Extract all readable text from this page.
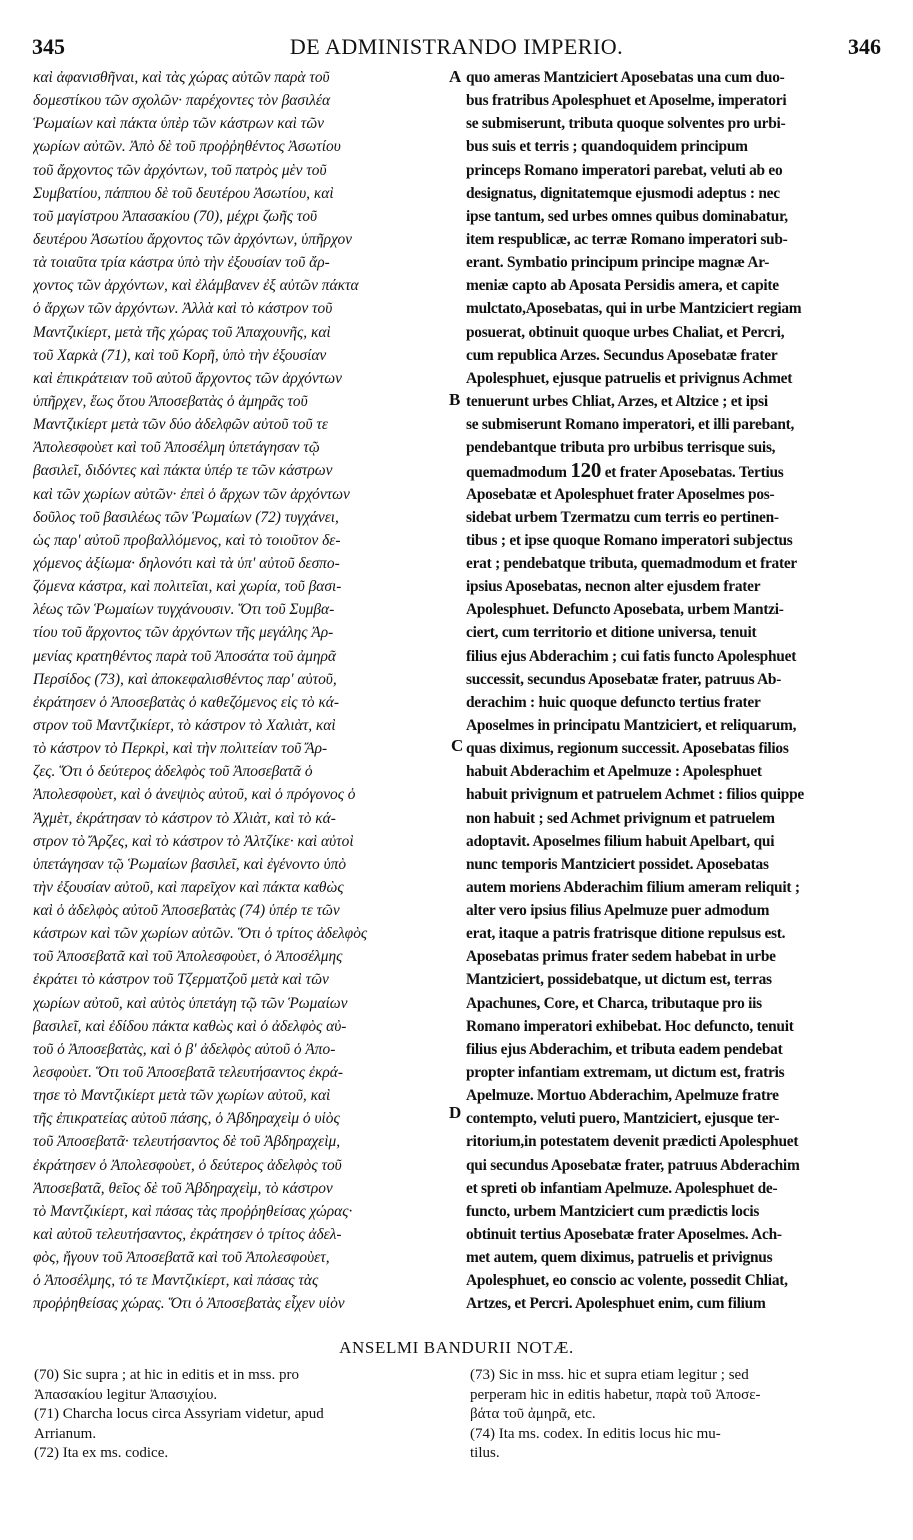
345	DE ADMINISTRANDO IMPERIO.	346
καὶ ἀφανισθῆναι, καὶ τὰς χώρας αὐτῶν παρὰ τοῦ
δομεστίκου τῶν σχολῶν· παρέχοντες τὸν βασιλέα
Ῥωμαίων καὶ πάκτα ὑπὲρ τῶν κάστρων καὶ τῶν
χωρίων αὐτῶν. Ἀπὸ δὲ τοῦ προῤῥηθέντος Ἀσωτίου
τοῦ ἄρχοντος τῶν ἀρχόντων, τοῦ πατρὸς μὲν τοῦ
Συμβατίου, πάππου δὲ τοῦ δευτέρου Ἀσωτίου, καὶ
τοῦ μαγίστρου Ἀπασακίου (70), μέχρι ζωῆς τοῦ
δευτέρου Ἀσωτίου ἄρχοντος τῶν ἀρχόντων, ὑπῆρχον
τὰ τοιαῦτα τρία κάστρα ὑπὸ τὴν ἐξουσίαν τοῦ ἄρ-
χοντος τῶν ἀρχόντων, καὶ ἐλάμβανεν ἐξ αὐτῶν πάκτα
ὁ ἄρχων τῶν ἀρχόντων. Ἀλλὰ καὶ τὸ κάστρον τοῦ
Μαντζικίερτ, μετὰ τῆς χώρας τοῦ Ἀπαχουνῆς, καὶ
τοῦ Χαρκὰ (71), καὶ τοῦ Κορῆ, ὑπὸ τὴν ἐξουσίαν
καὶ ἐπικράτειαν τοῦ αὐτοῦ ἄρχοντος τῶν ἀρχόντων
ὑπῆρχεν, ἕως ὅτου Ἀποσεβατὰς ὁ ἀμηρᾶς τοῦ
Μαντζικίερτ μετὰ τῶν δύο ἀδελφῶν αὐτοῦ τοῦ τε
Ἀπολεσφοὺετ καὶ τοῦ Ἀποσέλμη ὑπετάγησαν τῷ
βασιλεῖ, διδόντες καὶ πάκτα ὑπέρ τε τῶν κάστρων
καὶ τῶν χωρίων αὐτῶν· ἐπεὶ ὁ ἄρχων τῶν ἀρχόντων
δοῦλος τοῦ βασιλέως τῶν Ῥωμαίων (72) τυγχάνει,
ὡς παρ' αὐτοῦ προβαλλόμενος, καὶ τὸ τοιοῦτον δε-
χόμενος ἀξίωμα· δηλονότι καὶ τὰ ὑπ' αὐτοῦ δεσπο-
ζόμενα κάστρα, καὶ πολιτεῖαι, καὶ χωρία, τοῦ βασι-
λέως τῶν Ῥωμαίων τυγχάνουσιν. Ὅτι τοῦ Συμβα-
τίου τοῦ ἄρχοντος τῶν ἀρχόντων τῆς μεγάλης Ἀρ-
μενίας κρατηθέντος παρὰ τοῦ Ἀποσάτα τοῦ ἀμηρᾶ
Περσίδος (73), καὶ ἀποκεφαλισθέντος παρ' αὐτοῦ,
ἐκράτησεν ὁ Ἀποσεβατὰς ὁ καθεζόμενος εἰς τὸ κά-
στρον τοῦ Μαντζικίερτ, τὸ κάστρον τὸ Χαλιὰτ, καὶ
τὸ κάστρον τὸ Περκρὶ, καὶ τὴν πολιτείαν τοῦ Ἄρ-
ζες. Ὅτι ὁ δεύτερος ἀδελφὸς τοῦ Ἀποσεβατᾶ ὁ
Ἀπολεσφοὺετ, καὶ ὁ ἀνεψιὸς αὐτοῦ, καὶ ὁ πρόγονος ὁ
Ἀχμὲτ, ἐκράτησαν τὸ κάστρον τὸ Χλιὰτ, καὶ τὸ κά-
στρον τὸ Ἄρζες, καὶ τὸ κάστρον τὸ Ἀλτζίκε· καὶ αὐτοὶ
ὑπετάγησαν τῷ Ῥωμαίων βασιλεῖ, καὶ ἐγένοντο ὑπὸ
τὴν ἐξουσίαν αὐτοῦ, καὶ παρεῖχον καὶ πάκτα καθὼς
καὶ ὁ ἀδελφὸς αὐτοῦ Ἀποσεβατὰς (74) ὑπέρ τε τῶν
κάστρων καὶ τῶν χωρίων αὐτῶν. Ὅτι ὁ τρίτος ἀδελφὸς
τοῦ Ἀποσεβατᾶ καὶ τοῦ Ἀπολεσφοὺετ, ὁ Ἀποσέλμης
ἐκράτει τὸ κάστρον τοῦ Τζερματζοῦ μετὰ καὶ τῶν
χωρίων αὐτοῦ, καὶ αὐτὸς ὑπετάγη τῷ τῶν Ῥωμαίων
βασιλεῖ, καὶ ἐδίδου πάκτα καθὼς καὶ ὁ ἀδελφὸς αὐ-
τοῦ ὁ Ἀποσεβατὰς, καὶ ὁ β' ἀδελφὸς αὐτοῦ ὁ Ἀπο-
λεσφοὺετ. Ὅτι τοῦ Ἀποσεβατᾶ τελευτήσαντος ἐκρά-
τησε τὸ Μαντζικίερτ μετὰ τῶν χωρίων αὐτοῦ, καὶ
τῆς ἐπικρατείας αὐτοῦ πάσης, ὁ Ἀβδηραχεὶμ ὁ υἱὸς
τοῦ Ἀποσεβατᾶ· τελευτήσαντος δὲ τοῦ Ἀβδηραχεὶμ,
ἐκράτησεν ὁ Ἀπολεσφοὺετ, ὁ δεύτερος ἀδελφὸς τοῦ
Ἀποσεβατᾶ, θεῖος δὲ τοῦ Ἀβδηραχεὶμ, τὸ κάστρον
τὸ Μαντζικίερτ, καὶ πάσας τὰς προῤῥηθείσας χώρας·
καὶ αὐτοῦ τελευτήσαντος, ἐκράτησεν ὁ τρίτος ἀδελ-
φὸς, ἤγουν τοῦ Ἀποσεβατᾶ καὶ τοῦ Ἀπολεσφοὺετ,
ὁ Ἀποσέλμης, τό τε Μαντζικίερτ, καὶ πάσας τὰς
προῤῥηθείσας χώρας. Ὅτι ὁ Ἀποσεβατὰς εἶχεν υἱὸν
quo ameras Mantziciert Aposebatas una cum duo-
bus fratribus Apolesphuet et Aposelme, imperatori
se submiserunt, tributa quoque solventes pro urbi-
bus suis et terris ; quandoquidem principum
princeps Romano imperatori parebat, veluti ab eo
designatus, dignitatemque ejusmodi adeptus : nec
ipse tantum, sed urbes omnes quibus dominabatur,
item respublicæ, ac terræ Romano imperatori sub-
erant. Symbatio principum principe magnæ Ar-
meniæ capto ab Aposata Persidis amera, et capite
mulctato,Aposebatas, qui in urbe Mantziciert regiam
posuerat, obtinuit quoque urbes Chaliat, et Percri,
cum republica Arzes. Secundus Aposebatæ frater
Apolesphuet, ejusque patruelis et privignus Achmet
tenuerunt urbes Chliat, Arzes, et Altzice ; et ipsi
se submiserunt Romano imperatori, et illi parebant,
pendebantque tributa pro urbibus terrisque suis,
quemadmodum 120 et frater Aposebatas. Tertius
Aposebatæ et Apolesphuet frater Aposelmes pos-
sidebat urbem Tzermatzu cum terris eo pertinen-
tibus ; et ipse quoque Romano imperatori subjectus
erat ; pendebatque tributa, quemadmodum et frater
ipsius Aposebatas, necnon alter ejusdem frater
Apolesphuet. Defuncto Aposebata, urbem Mantzi-
ciert, cum territorio et ditione universa, tenuit
filius ejus Abderachim ; cui fatis functo Apolesphuet
successit, secundus Aposebatæ frater, patruus Ab-
derachim : huic quoque defuncto tertius frater
Aposelmes in principatu Mantziciert, et reliquarum,
quas diximus, regionum successit. Aposebatas filios
habuit Abderachim et Apelmuze : Apolesphuet
habuit privignum et patruelem Achmet : filios quippe
non habuit ; sed Achmet privignum et patruelem
adoptavit. Aposelmes filium habuit Apelbart, qui
nunc temporis Mantziciert possidet. Aposebatas
autem moriens Abderachim filium ameram reliquit ;
alter vero ipsius filius Apelmuze puer admodum
erat, itaque a patris fratrisque ditione repulsus est.
Aposebatas primus frater sedem habebat in urbe
Mantziciert, possidebatque, ut dictum est, terras
Apachunes, Core, et Charca, tributaque pro iis
Romano imperatori exhibebat. Hoc defuncto, tenuit
filius ejus Abderachim, et tributa eadem pendebat
propter infantiam extremam, ut dictum est, fratris
Apelmuze. Mortuo Abderachim, Apelmuze fratre
contempto, veluti puero, Mantziciert, ejusque ter-
ritorium,in potestatem devenit prædicti Apolesphuet
qui secundus Aposebatæ frater, patruus Abderachim
et spreti ob infantiam Apelmuze. Apolesphuet de-
functo, urbem Mantziciert cum prædictis locis
obtinuit tertius Aposebatæ frater Aposelmes. Ach-
met autem, quem diximus, patruelis et privignus
Apolesphuet, eo conscio ac volente, possedit Chliat,
Artzes, et Percri. Apolesphuet enim, cum filium
A
B
C
D
ANSELMI BANDURII NOTÆ.
(70) Sic supra ; at hic in editis et in mss. pro
Ἀπασακίου legitur Ἀπασιχίου.
(71) Charcha locus circa Assyriam videtur, apud
Arrianum.
(72) Ita ex ms. codice.
(73) Sic in mss. hic et supra etiam legitur ; sed
perperam hic in editis habetur, παρὰ τοῦ Ἀποσε-
βάτα τοῦ ἀμηρᾶ, etc.
(74) Ita ms. codex. In editis locus hic mu-
tilus.
